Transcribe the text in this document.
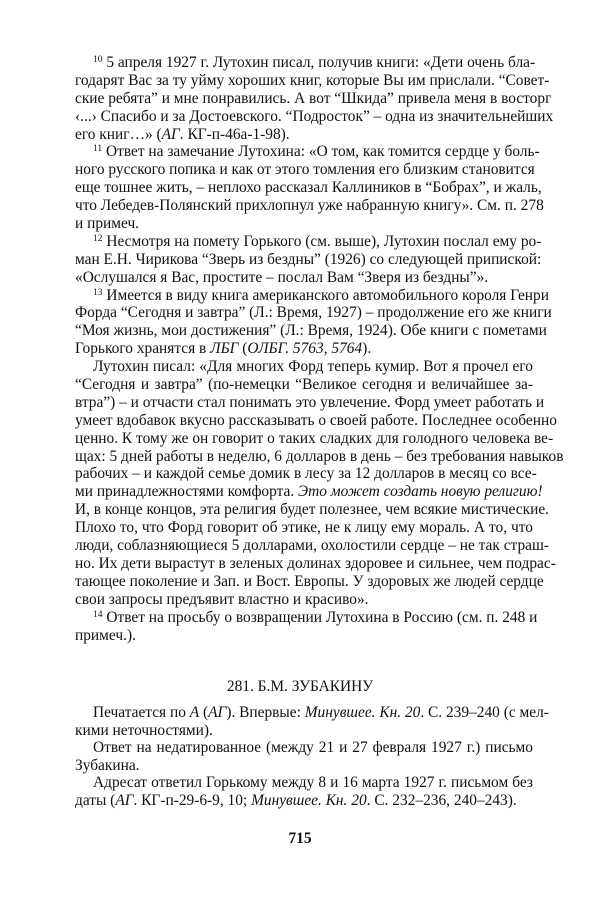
$^{10}$ 5 апреля 1927 г. Лутохин писал, получив книги: «Дети очень бла-
годарят Вас за ту уйму хороших книг, которые Вы им прислали. “Совет-
ские ребята” и мне понравились. А вот “Шкида” привела меня в восторг
‹...› Спасибо и за Достоевского. “Подросток” – одна из значительнейших
его книг…» (АГ. КГ-п-46а-1-98).
$^{11}$ Ответ на замечание Лутохина: «О том, как томится сердце у боль-
ного русского попика и как от этого томления его близким становится
еще тошнее жить, – неплохо рассказал Каллиников в “Бобрах”, и жаль,
что Лебедев-Полянский прихлопнул уже набранную книгу». См. п. 278
и примеч.
$^{12}$ Несмотря на помету Горького (см. выше), Лутохин послал ему ро-
ман Е.Н. Чирикова “Зверь из бездны” (1926) со следующей припиской:
«Ослушался я Вас, простите – послал Вам “Зверя из бездны”».
$^{13}$ Имеется в виду книга американского автомобильного короля Генри
Форда “Сегодня и завтра” (Л.: Время, 1927) – продолжение его же книги
“Моя жизнь, мои достижения” (Л.: Время, 1924). Обе книги с пометами
Горького хранятся в ЛБГ (ОЛБГ. 5763, 5764).
Лутохин писал: «Для многих Форд теперь кумир. Вот я прочел его
“Сегодня и завтра” (по-немецки “Великое сегодня и величайшее за-
втра”) – и отчасти стал понимать это увлечение. Форд умеет работать и
умеет вдобавок вкусно рассказывать о своей работе. Последнее особенно
ценно. К тому же он говорит о таких сладких для голодного человека ве-
щах: 5 дней работы в неделю, 6 долларов в день – без требования навыков
рабочих – и каждой семье домик в лесу за 12 долларов в месяц со все-
ми принадлежностями комфорта. Это может создать новую религию!
И, в конце концов, эта религия будет полезнее, чем всякие мистические.
Плохо то, что Форд говорит об этике, не к лицу ему мораль. А то, что
люди, соблазняющиеся 5 долларами, охолостили сердце – не так страш-
но. Их дети вырастут в зеленых долинах здоровее и сильнее, чем подрас-
тающее поколение и Зап. и Вост. Европы. У здоровых же людей сердце
свои запросы предъявит властно и красиво».
$^{14}$ Ответ на просьбу о возвращении Лутохина в Россию (см. п. 248 и
примеч.).
281. Б.М. ЗУБАКИНУ
Печатается по А (АГ). Впервые: Минувшее. Кн. 20. С. 239–240 (с мел-
кими неточностями).
Ответ на недатированное (между 21 и 27 февраля 1927 г.) письмо
Зубакина.
Адресат ответил Горькому между 8 и 16 марта 1927 г. письмом без
даты (АГ. КГ-п-29-6-9, 10; Минувшее. Кн. 20. С. 232–236, 240–243).
715
